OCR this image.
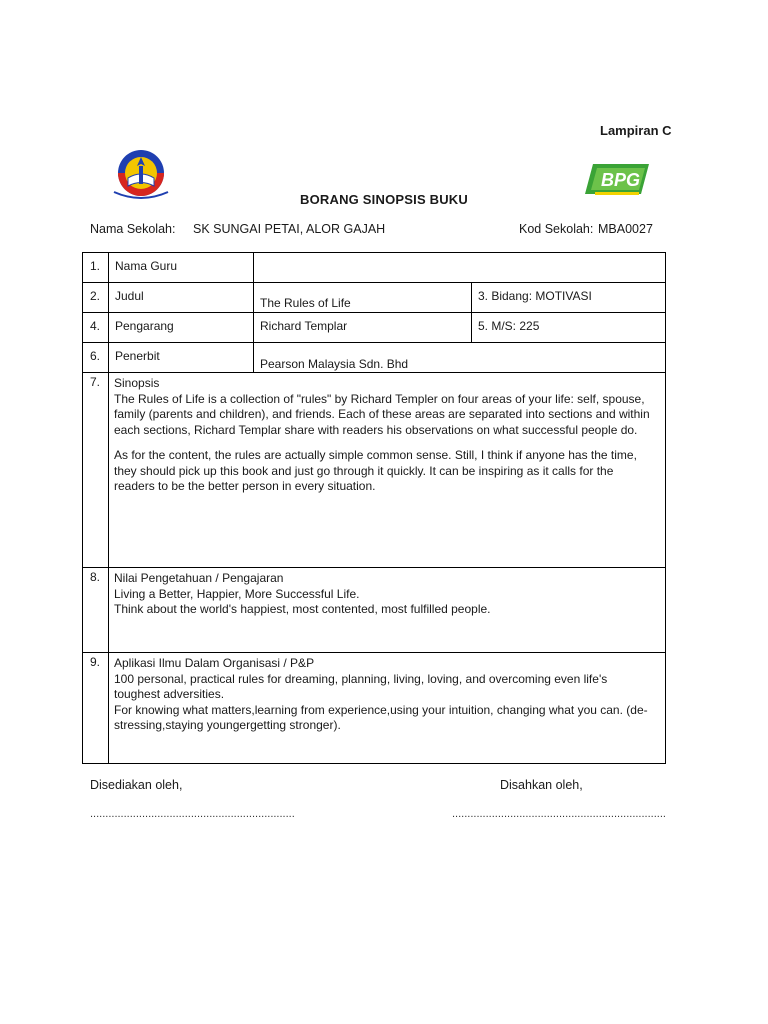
Lampiran C
BPG
BORANG SINOPSIS BUKU
Nama Sekolah: SK SUNGAI PETAI, ALOR GAJAH	Kod Sekolah: MBA0027
1.	Nama Guru		
2.	Judul	The Rules of Life	3. Bidang: MOTIVASI
4.	Pengarang	Richard Templar	5. M/S: 225
6.	Penerbit	Pearson Malaysia Sdn. Bhd	
7.	Sinopsis

The Rules of Life is a collection of "rules" by Richard Templer on four areas of your life: self, spouse, family (parents and children), and friends. Each of these areas are separated into sections and within each sections, Richard Templar share with readers his observations on what successful people do.

As for the content, the rules are actually simple common sense. Still, I think if anyone has the time, they should pick up this book and just go through it quickly. It can be inspiring as it calls for the readers to be the better person in every situation.		

8.	Nilai Pengetahuan / Pengajaran

Living a Better, Happier, More Successful Life.

Think about the world's happiest, most contented, most fulfilled people.		

9.	Aplikasi Ilmu Dalam Organisasi / P&P

100 personal, practical rules for dreaming, planning, living, loving, and overcoming even life's toughest adversities.

For knowing what matters,learning from experience,using your intuition, changing what you can. (de-stressing,staying youngergetting stronger).		

Disediakan oleh,	Disahkan oleh,
...................................................................	......................................................................
